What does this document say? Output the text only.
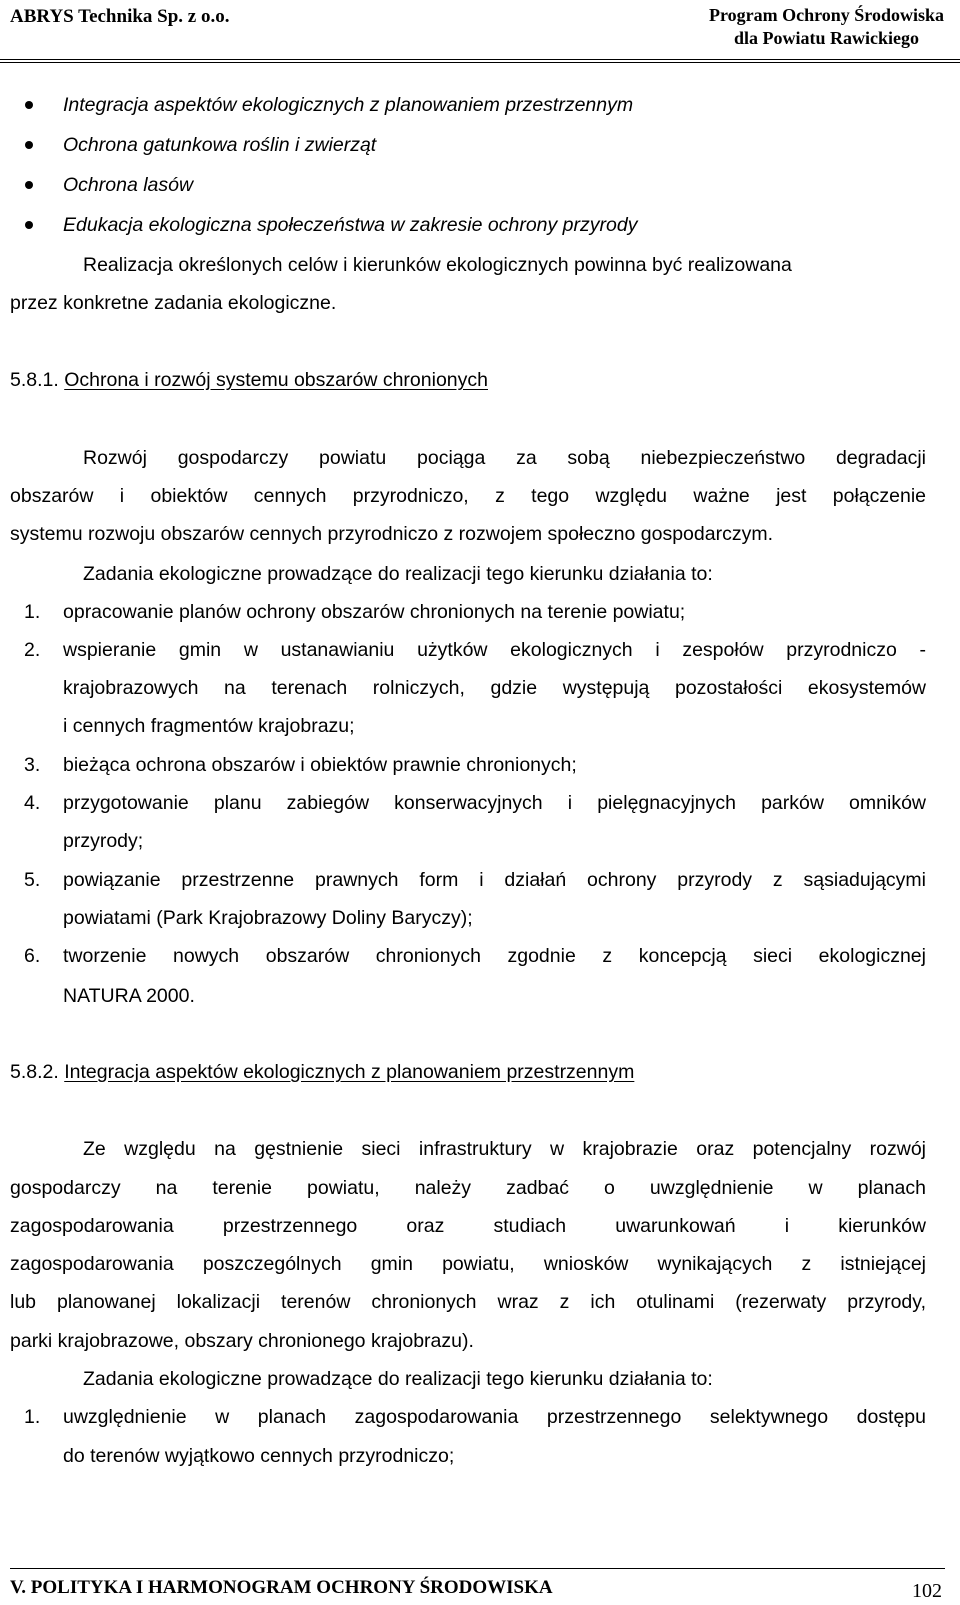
ABRYS Technika Sp. z o.o.	Program Ochrony Środowiska
dla Powiatu Rawickiego
Integracja aspektów ekologicznych z planowaniem przestrzennym
Ochrona gatunkowa roślin i zwierząt
Ochrona lasów
Edukacja ekologiczna społeczeństwa w zakresie ochrony przyrody
Realizacja określonych celów i kierunków ekologicznych powinna być realizowana
przez konkretne zadania ekologiczne.
5.8.1. Ochrona i rozwój systemu obszarów chronionych
Rozwój gospodarczy powiatu pociąga za sobą niebezpieczeństwo degradacji
obszarów i obiektów cennych przyrodniczo, z tego względu ważne jest połączenie
systemu rozwoju obszarów cennych przyrodniczo z rozwojem społeczno gospodarczym.
Zadania ekologiczne prowadzące do realizacji tego kierunku działania to:
1. opracowanie planów ochrony obszarów chronionych na terenie powiatu;
2. wspieranie gmin w ustanawianiu użytków ekologicznych i zespołów przyrodniczo -
krajobrazowych na terenach rolniczych, gdzie występują pozostałości ekosystemów
i cennych fragmentów krajobrazu;
3. bieżąca ochrona obszarów i obiektów prawnie chronionych;
4. przygotowanie planu zabiegów konserwacyjnych i pielęgnacyjnych parków omników
przyrody;
5. powiązanie przestrzenne prawnych form i działań ochrony przyrody z sąsiadującymi
powiatami (Park Krajobrazowy Doliny Baryczy);
6. tworzenie nowych obszarów chronionych zgodnie z koncepcją sieci ekologicznej
NATURA 2000.
5.8.2. Integracja aspektów ekologicznych z planowaniem przestrzennym
Ze względu na gęstnienie sieci infrastruktury w krajobrazie oraz potencjalny rozwój
gospodarczy na terenie powiatu, należy zadbać o uwzględnienie w planach
zagospodarowania przestrzennego oraz studiach uwarunkowań i kierunków
zagospodarowania poszczególnych gmin powiatu, wniosków wynikających z istniejącej
lub planowanej lokalizacji terenów chronionych wraz z ich otulinami (rezerwaty przyrody,
parki krajobrazowe, obszary chronionego krajobrazu).
Zadania ekologiczne prowadzące do realizacji tego kierunku działania to:
1. uwzględnienie w planach zagospodarowania przestrzennego selektywnego dostępu
do terenów wyjątkowo cennych przyrodniczo;
V. POLITYKA I HARMONOGRAM OCHRONY ŚRODOWISKA	102
